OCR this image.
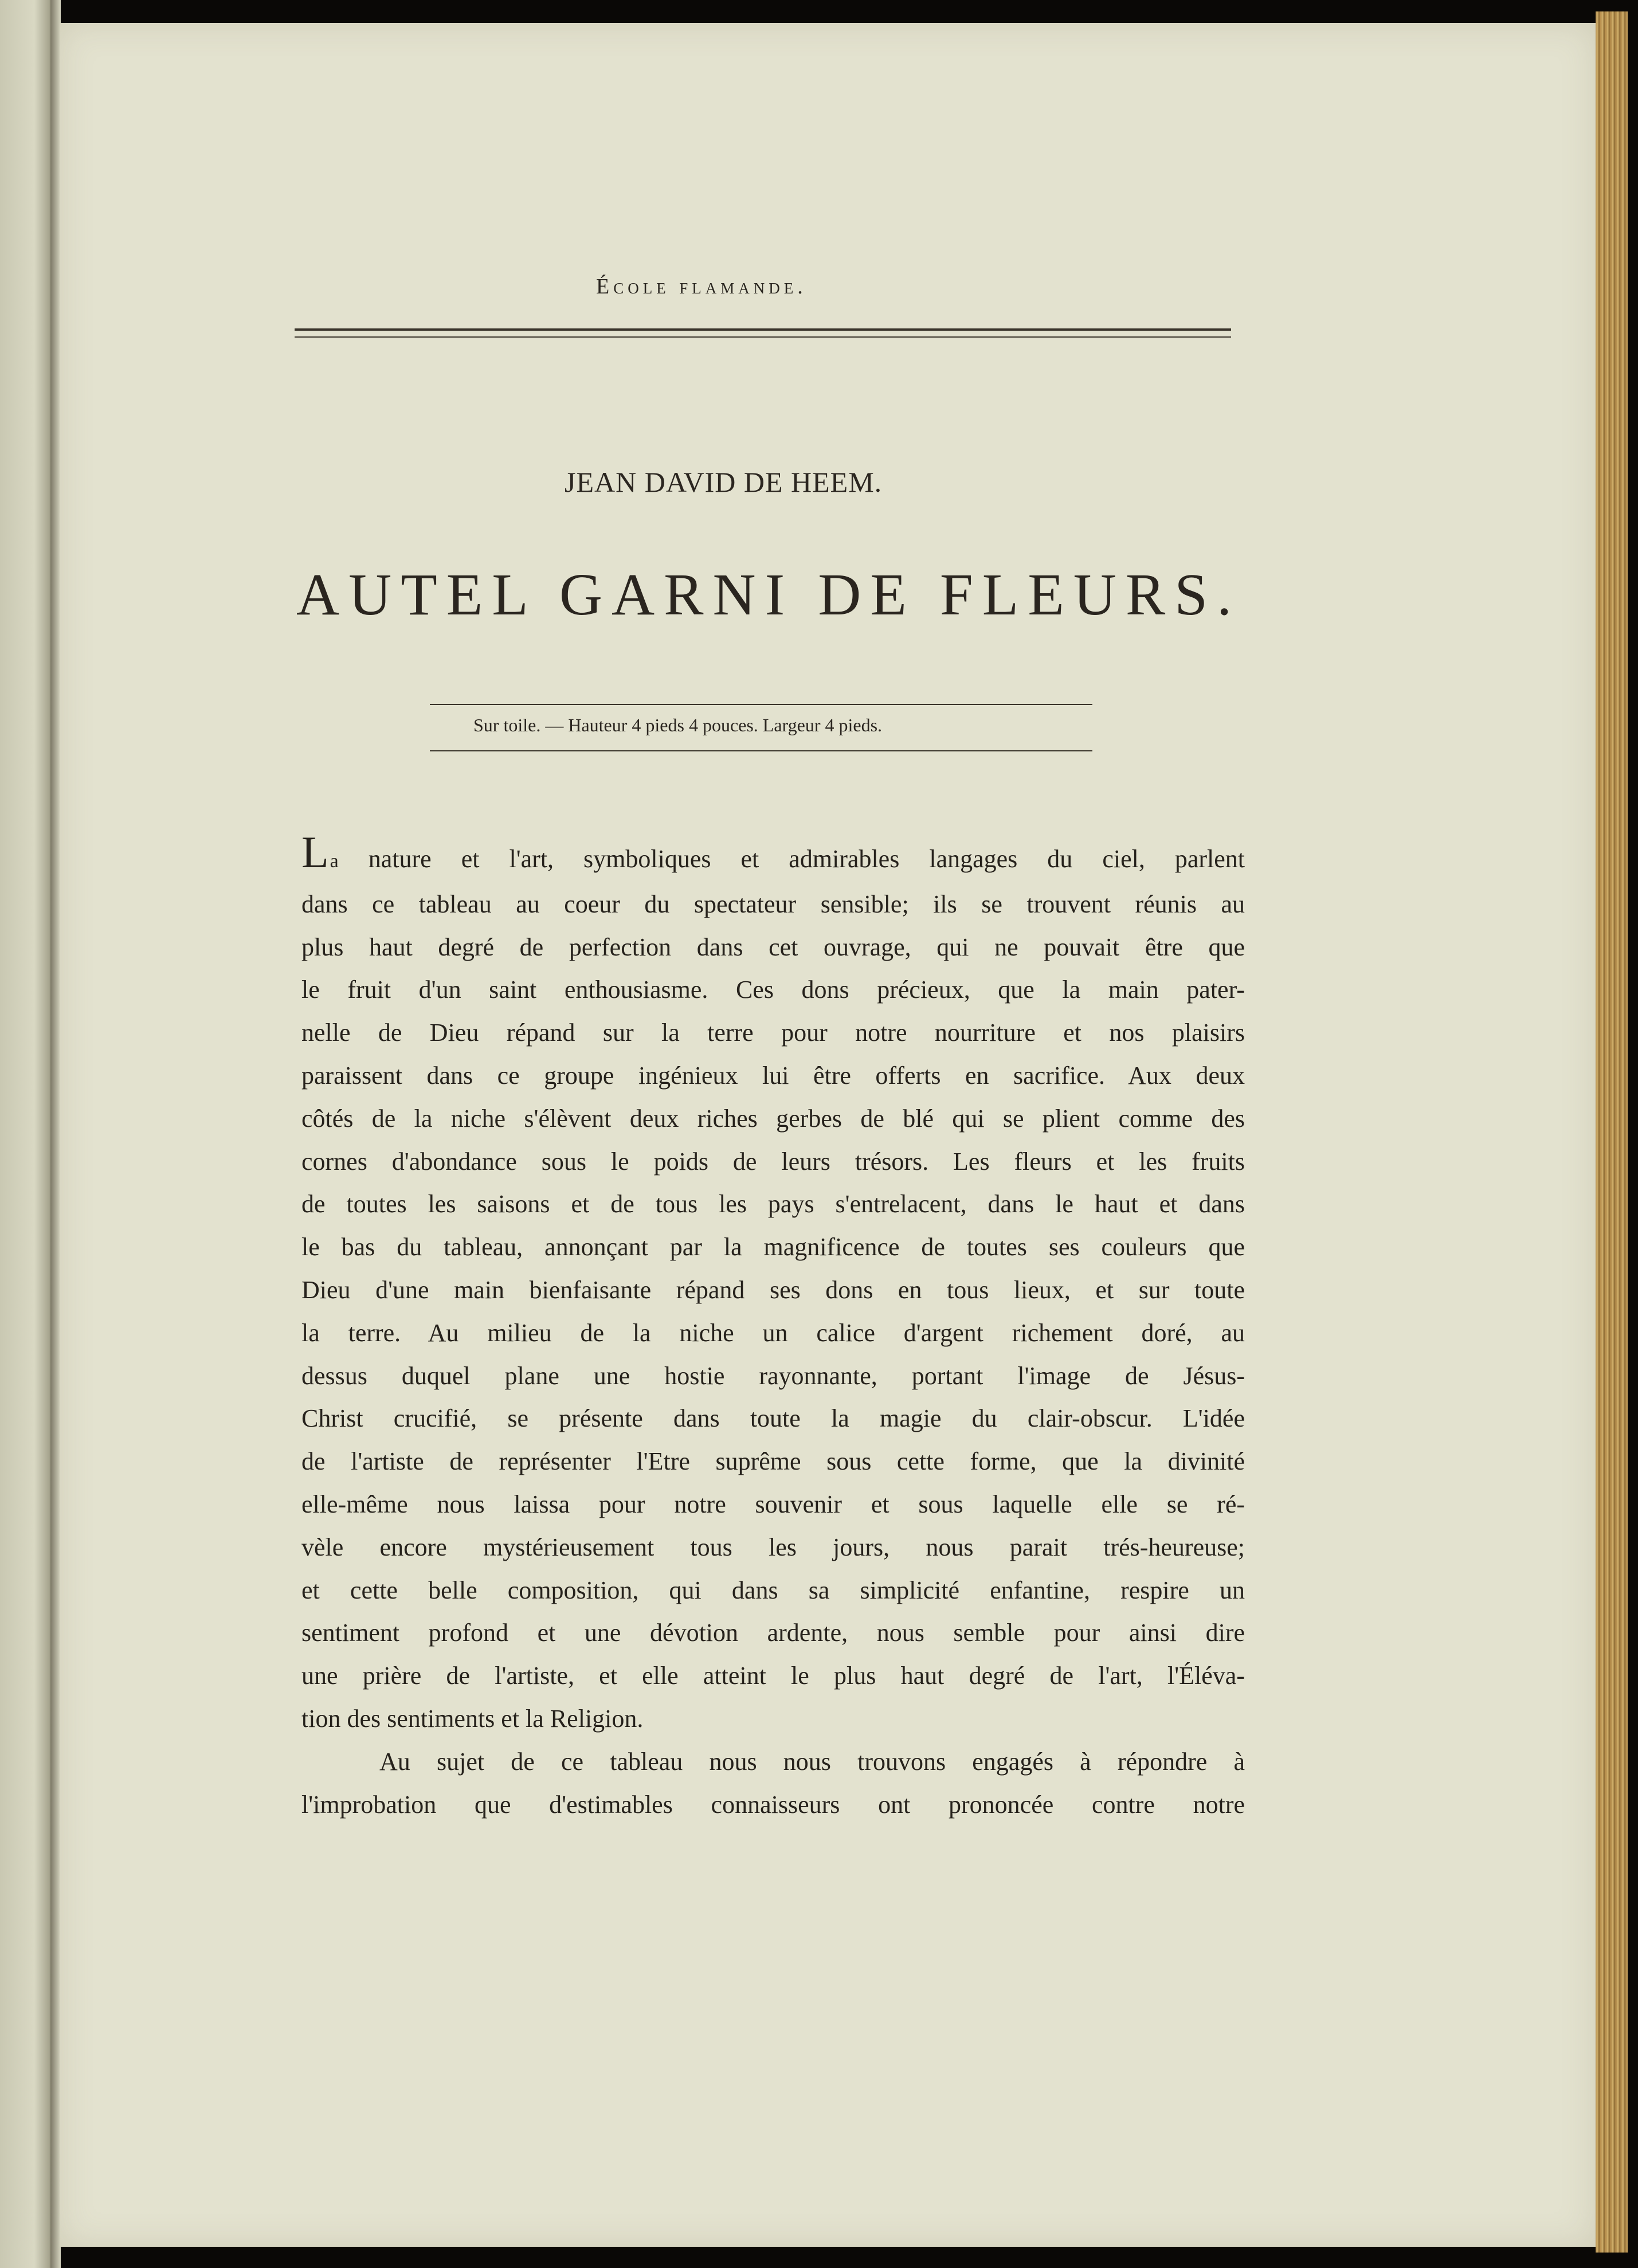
École flamande.
JEAN DAVID DE HEEM.
AUTEL GARNI DE FLEURS.
Sur toile. — Hauteur 4 pieds 4 pouces. Largeur 4 pieds.

La nature et l'art, symboliques et admirables langages du ciel, parlent

dans ce tableau au coeur du spectateur sensible; ils se trouvent réunis au

plus haut degré de perfection dans cet ouvrage, qui ne pouvait être que

le fruit d'un saint enthousiasme. Ces dons précieux, que la main pater-

nelle de Dieu répand sur la terre pour notre nourriture et nos plaisirs

paraissent dans ce groupe ingénieux lui être offerts en sacrifice. Aux deux

côtés de la niche s'élèvent deux riches gerbes de blé qui se plient comme des

cornes d'abondance sous le poids de leurs trésors. Les fleurs et les fruits

de toutes les saisons et de tous les pays s'entrelacent, dans le haut et dans

le bas du tableau, annonçant par la magnificence de toutes ses couleurs que

Dieu d'une main bienfaisante répand ses dons en tous lieux, et sur toute

la terre. Au milieu de la niche un calice d'argent richement doré, au

dessus duquel plane une hostie rayonnante, portant l'image de Jésus-

Christ crucifié, se présente dans toute la magie du clair-obscur. L'idée

de l'artiste de représenter l'Etre suprême sous cette forme, que la divinité

elle-même nous laissa pour notre souvenir et sous laquelle elle se ré-

vèle encore mystérieusement tous les jours, nous parait trés-heureuse;

et cette belle composition, qui dans sa simplicité enfantine, respire un

sentiment profond et une dévotion ardente, nous semble pour ainsi dire

une prière de l'artiste, et elle atteint le plus haut degré de l'art, l'Éléva-

tion des sentiments et la Religion.

Au sujet de ce tableau nous nous trouvons engagés à répondre à

l'improbation que d'estimables connaisseurs ont prononcée contre notre
